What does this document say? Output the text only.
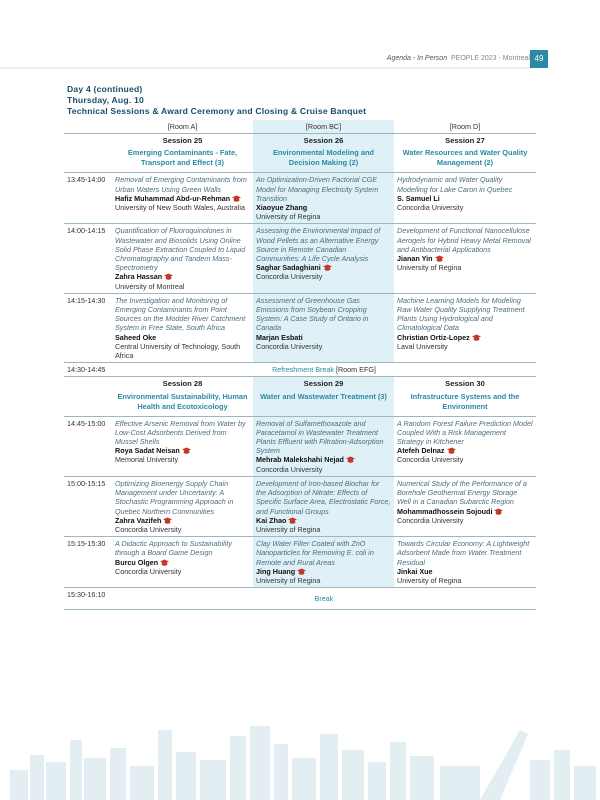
Agenda - In Person PEOPLE 2023 - Montreal 49
Day 4 (continued)
Thursday, Aug. 10
Technical Sessions & Award Ceremony and Closing & Cruise Banquet
	[Room A]	[Room BC]	[Room D]

	Session 25
Emerging Contaminants - Fate, Transport and Effect (3)	Session 26
Environmental Modeling and Decision Making (2)	Session 27
Water Resources and Water Quality Management (2)

13:45-14:00	Removal of Emerging Contaminants from Urban Waters Using Green Walls
Hafiz Muhammad Abd-ur-Rehman
University of New South Wales, Australia	An Optimization-Driven Factorial CGE Model for Managing Electricity System Transition
Xiaoyue Zhang
University of Regina	Hydrodynamic and Water Quality Modelling for Lake Caron in Quebec
S. Samuel Li
Concordia University

14:00-14:15	Quantification of Fluoroquinolones in Wastewater and Biosolids Using Online Solid Phase Extraction Coupled to Liquid Chromatography and Tandem Mass-Spectrometry
Zahra Hassan
University of Montreal	Assessing the Environmental Impact of Wood Pellets as an Alternative Energy Source in Remote Canadian Communities: A Life Cycle Analysis
Saghar Sadaghiani
Concordia University	Development of Functional Nanocellulose Aerogels for Hybrid Heavy Metal Removal and Antibacterial Applications
Jianan Yin
University of Regina

14:15-14:30	The Investigation and Monitoring of Emerging Contaminants from Point Sources on the Modder River Catchment System in Free State, South Africa
Saheed Oke
Central University of Technology, South Africa	Assessment of Greenhouse Gas Emissions from Soybean Cropping System: A Case Study of Ontario in Canada
Marjan Esbati
Concordia University	Machine Learning Models for Modeling Raw Water Quality Supplying Treatment Plants Using Hydrological and Climatological Data
Christian Ortiz-Lopez
Laval University

14:30-14:45	Refreshment Break [Room EFG]		

	Session 28
Environmental Sustainability, Human Health and Ecotoxicology	Session 29
Water and Wastewater Treatment (3)	Session 30
Infrastructure Systems and the Environment

14:45-15:00	Effective Arsenic Removal from Water by Low-Cost Adsorbents Derived from Mussel Shells
Roya Sadat Neisan
Memorial University	Removal of Sulfamethoxazole and Paracetamol in Wastewater Treatment Plants Effluent with Filtration-Adsorption System
Mehrab Malekshahi Nejad
Concordia University	A Random Forest Failure Prediction Model Coupled With a Risk Management Strategy in Kitchener
Atefeh Delnaz
Concordia University

15:00-15:15	Optimizing Bioenergy Supply Chain Management under Uncertainty: A Stochastic Programming Approach in Quebec Northern Communities
Zahra Vazifeh
Concordia University	Development of Iron-based Biochar for the Adsorption of Nitrate: Effects of Specific Surface Area, Electrostatic Force, and Functional Groups
Kai Zhao
University of Regina	Numerical Study of the Performance of a Borehole Geothermal Energy Storage Well in a Canadian Subarctic Region
Mohammadhossein Sojoudi
Concordia University

15:15-15:30	A Didactic Approach to Sustainability through a Board Game Design
Burcu Olgen
Concordia University	Clay Water Filter Coated with ZnO Nanoparticles for Removing E. coli in Remote and Rural Areas
Jing Huang
University of Regina	Towards Circular Economy: A Lightweight Adsorbent Made from Water Treatment Residual
Jinkai Xue
University of Regina

15:30-16:10	Break		
